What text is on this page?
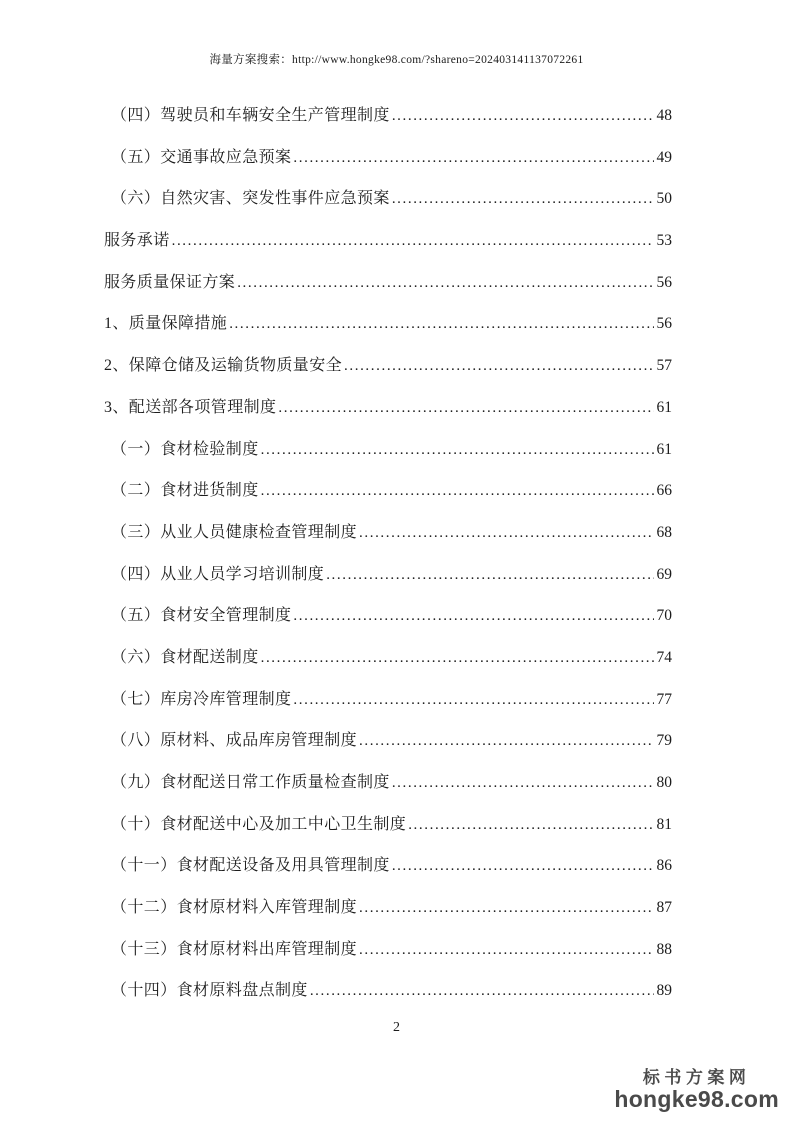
海量方案搜索：http://www.hongke98.com/?shareno=202403141137072261
（四）驾驶员和车辆安全生产管理制度 .....	48
（五）交通事故应急预案 .....	49
（六）自然灾害、突发性事件应急预案 .....	50
服务承诺 .....	53
服务质量保证方案 .....	56
1、质量保障措施 .....	56
2、保障仓储及运输货物质量安全 .....	57
3、配送部各项管理制度 .....	61
（一）食材检验制度 .....	61
（二）食材进货制度 .....	66
（三）从业人员健康检查管理制度 .....	68
（四）从业人员学习培训制度 .....	69
（五）食材安全管理制度 .....	70
（六）食材配送制度 .....	74
（七）库房冷库管理制度 .....	77
（八）原材料、成品库房管理制度 .....	79
（九）食材配送日常工作质量检查制度 .....	80
（十）食材配送中心及加工中心卫生制度 .....	81
（十一）食材配送设备及用具管理制度 .....	86
（十二）食材原材料入库管理制度 .....	87
（十三）食材原材料出库管理制度 .....	88
（十四）食材原料盘点制度 .....	89
2
标书方案网
hongke98.com
